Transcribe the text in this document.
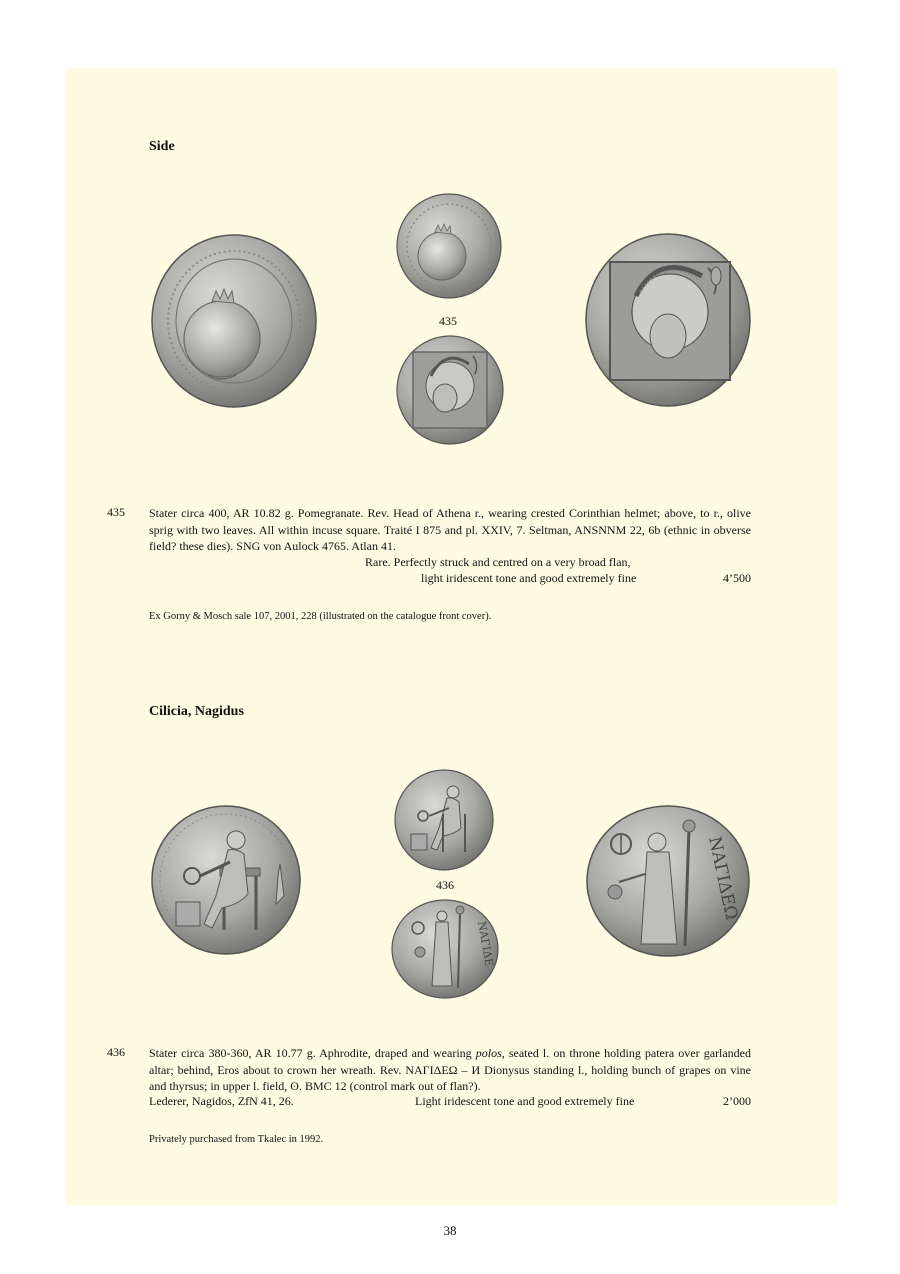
Side
435
435 Stater circa 400, AR 10.82 g. Pomegranate. Rev. Head of Athena r., wearing crested Corinthian helmet; above, to r., olive sprig with two leaves. All within incuse square. Traité I 875 and pl. XXIV, 7. Seltman, ANSNNM 22, 6b (ethnic in obverse field? these dies). SNG von Aulock 4765. Atlan 41.

Rare. Perfectly struck and centred on a very broad flan,
light iridescent tone and good extremely fine	4’500

Ex Gorny & Mosch sale 107, 2001, 228 (illustrated on the catalogue front cover).

Cilicia, Nagidus
436
ΝΑΓΙΔΕ
ΝΑΓΙΔΕΩ
436 Stater circa 380-360, AR 10.77 g. Aphrodite, draped and wearing polos, seated l. on throne holding patera over garlanded altar; behind, Eros about to crown her wreath. Rev. ΝΑΓΙΔΕΩ – И Dionysus standing l., holding bunch of grapes on vine and thyrsus; in upper l. field, ʘ. BMC 12 (control mark out of flan?).

Lederer, Nagidos, ZfN 41, 26.	Light iridescent tone and good extremely fine	2’000

Privately purchased from Tkalec in 1992.

38
